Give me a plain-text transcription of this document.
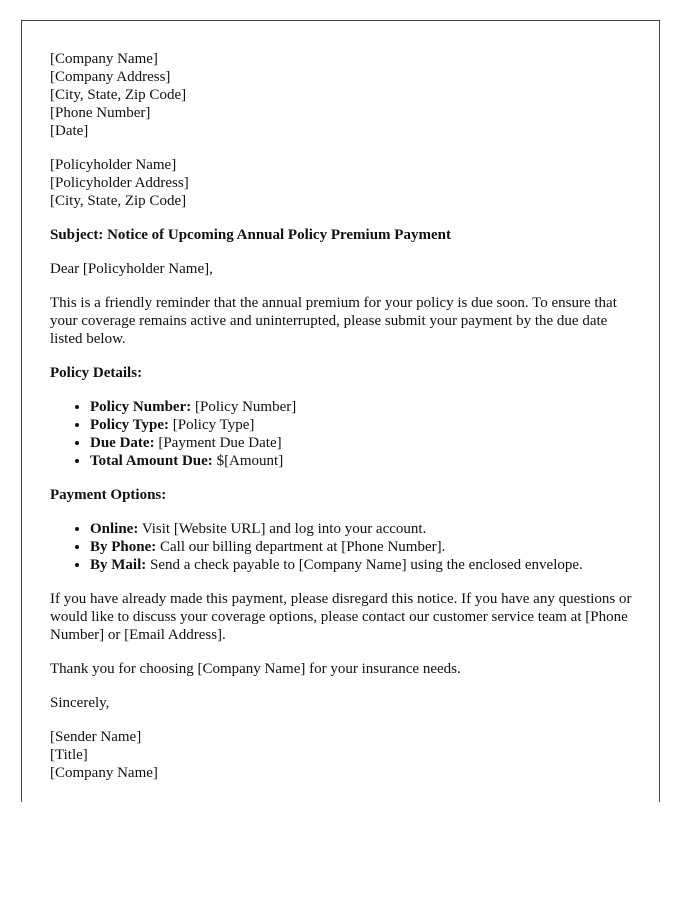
[Company Name]
[Company Address]
[City, State, Zip Code]
[Phone Number]
[Date]
[Policyholder Name]
[Policyholder Address]
[City, State, Zip Code]

Subject: Notice of Upcoming Annual Policy Premium Payment

Dear [Policyholder Name],

This is a friendly reminder that the annual premium for your policy is due soon. To ensure that your coverage remains active and uninterrupted, please submit your payment by the due date listed below.

Policy Details:

• Policy Number: [Policy Number]
• Policy Type: [Policy Type]
• Due Date: [Payment Due Date]
• Total Amount Due: $[Amount]

Payment Options:

• Online: Visit [Website URL] and log into your account.
• By Phone: Call our billing department at [Phone Number].
• By Mail: Send a check payable to [Company Name] using the enclosed envelope.

If you have already made this payment, please disregard this notice. If you have any questions or would like to discuss your coverage options, please contact our customer service team at [Phone Number] or [Email Address].

Thank you for choosing [Company Name] for your insurance needs.

Sincerely,

[Sender Name]
[Title]
[Company Name]
